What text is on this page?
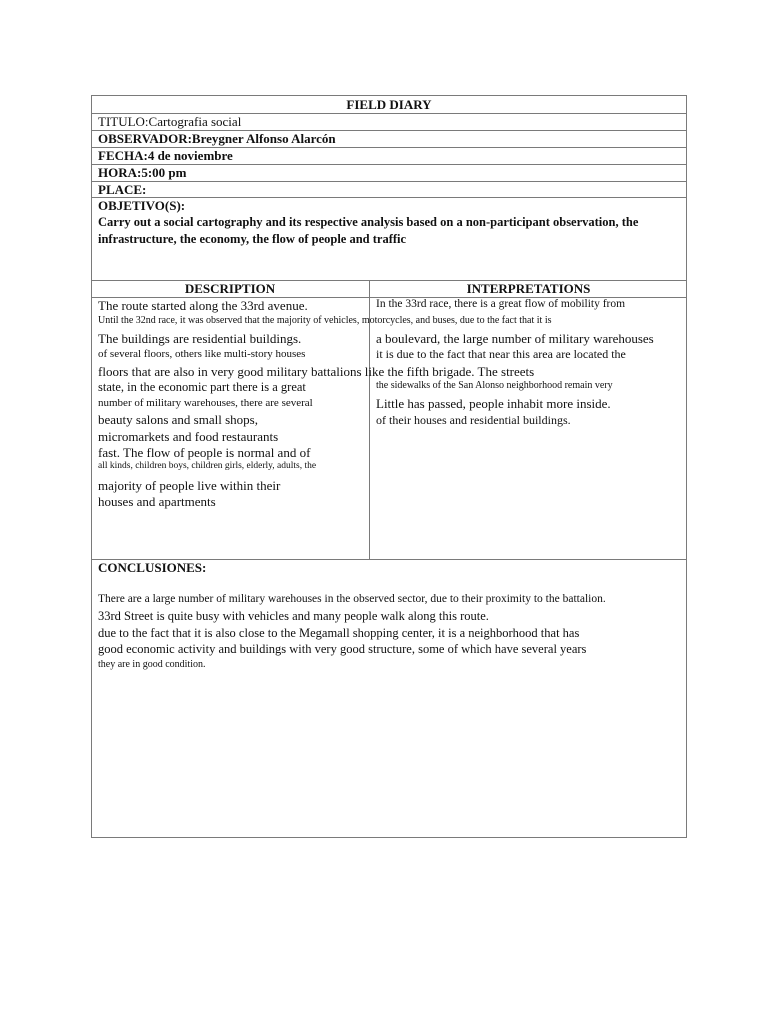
FIELD DIARY
TITULO:Cartografia social
OBSERVADOR:Breygner Alfonso Alarcón
FECHA:4 de noviembre
HORA:5:00 pm
PLACE:
OBJETIVO(S):
Carry out a social cartography and its respective analysis based on a non-participant observation, the
infrastructure, the economy, the flow of people and traffic
DESCRIPTION	INTERPRETATIONS
The route started along the 33rd avenue.
Until the 32nd race, it was observed that the majority of vehicles, motorcycles, and buses, due to the fact that it is
The buildings are residential buildings.
of several floors, others like multi-story houses
floors that are also in very good military battalions like the fifth brigade. The streets
state, in the economic part there is a great
number of military warehouses, there are several
beauty salons and small shops,
micromarkets and food restaurants
fast. The flow of people is normal and of
all kinds, children boys, children girls, elderly, adults, the
majority of people live within their
houses and apartments
In the 33rd race, there is a great flow of mobility from
a boulevard, the large number of military warehouses
it is due to the fact that near this area are located the
the sidewalks of the San Alonso neighborhood remain very
Little has passed, people inhabit more inside.
of their houses and residential buildings.
CONCLUSIONES:
There are a large number of military warehouses in the observed sector, due to their proximity to the battalion.
33rd Street is quite busy with vehicles and many people walk along this route.
due to the fact that it is also close to the Megamall shopping center, it is a neighborhood that has
good economic activity and buildings with very good structure, some of which have several years
they are in good condition.
